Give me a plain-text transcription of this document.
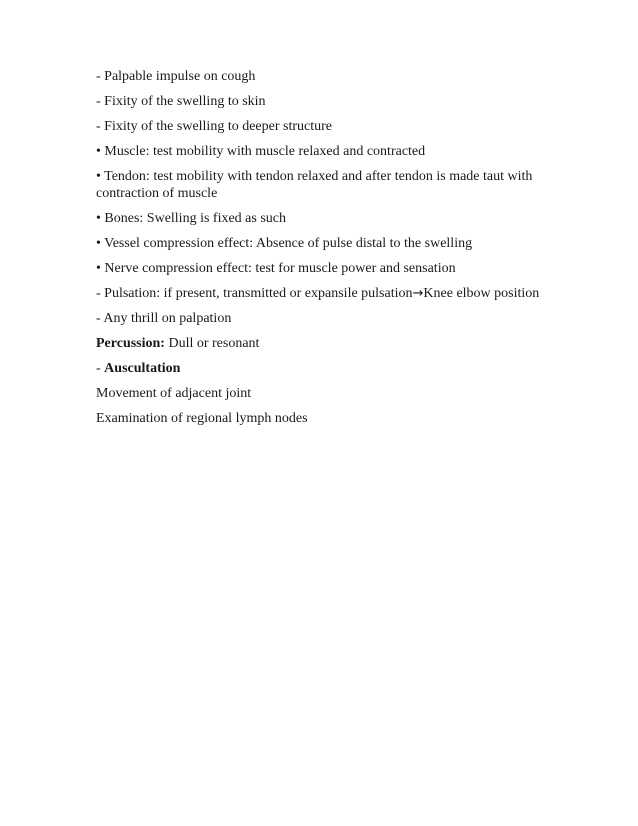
- Palpable impulse on cough
- Fixity of the swelling to skin
- Fixity of the swelling to deeper structure
• Muscle: test mobility with muscle relaxed and contracted
• Tendon: test mobility with tendon relaxed and after tendon is made taut with contraction of muscle
• Bones: Swelling is fixed as such
• Vessel compression effect: Absence of pulse distal to the swelling
• Nerve compression effect: test for muscle power and sensation
- Pulsation: if present, transmitted or expansile pulsation→Knee elbow position
- Any thrill on palpation
Percussion: Dull or resonant
- Auscultation
Movement of adjacent joint
Examination of regional lymph nodes
